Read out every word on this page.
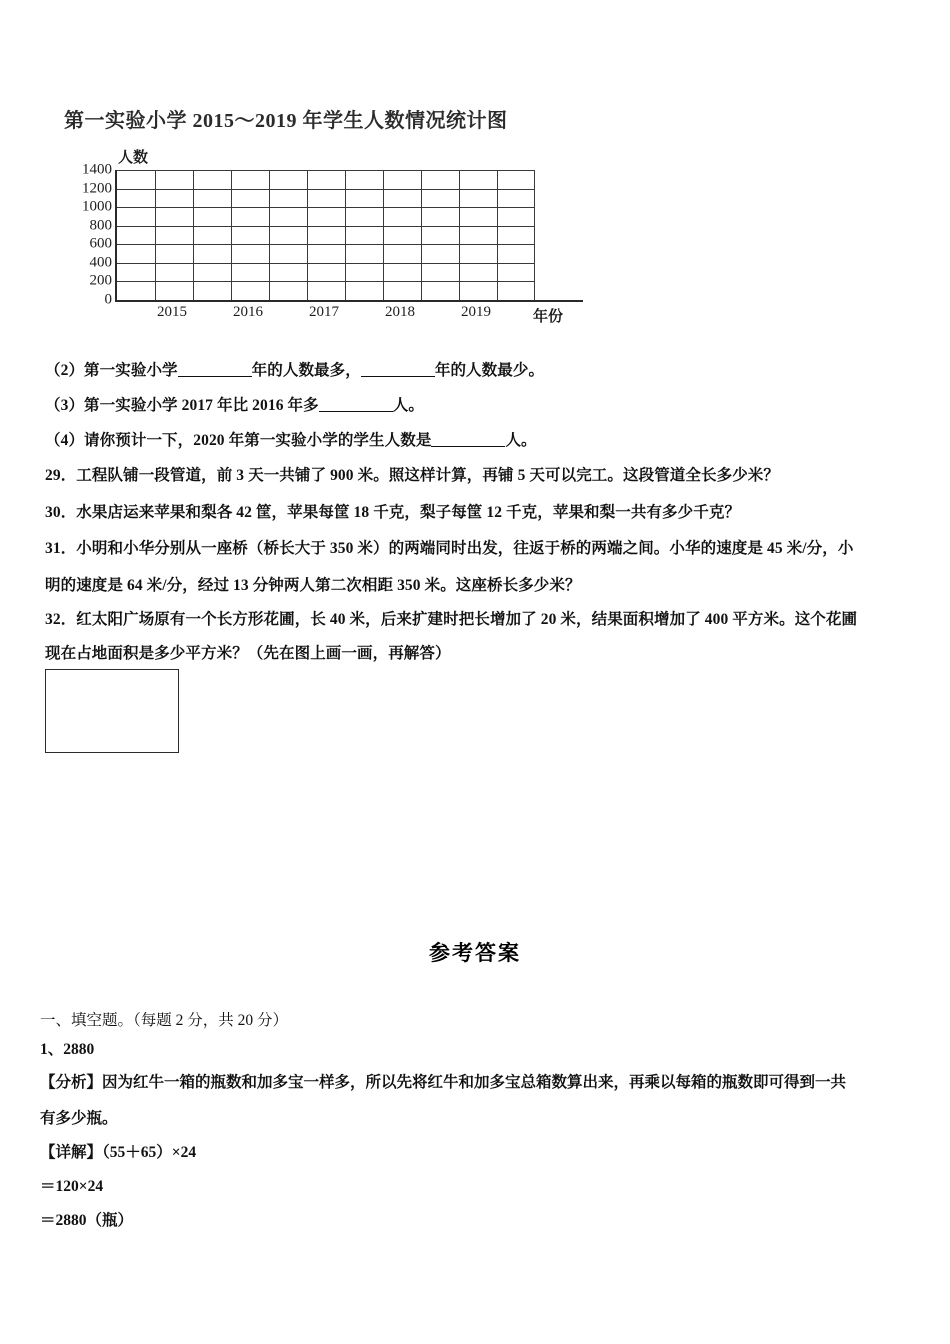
第一实验小学 2015～2019 年学生人数情况统计图
人数
1400
1200
1000
800
600
400
200
0
2015	2016	2017	2018	2019	年份
（2）第一实验小学	年的人数最多，	年的人数最少。
（3）第一实验小学 2017 年比 2016 年多	人。
（4）请你预计一下，2020 年第一实验小学的学生人数是	人。
29．工程队铺一段管道，前 3 天一共铺了 900 米。照这样计算，再铺 5 天可以完工。这段管道全长多少米？
30．水果店运来苹果和梨各 42 筐，苹果每筐 18 千克，梨子每筐 12 千克，苹果和梨一共有多少千克？
31．小明和小华分别从一座桥（桥长大于 350 米）的两端同时出发，往返于桥的两端之间。小华的速度是 45 米/分，小
明的速度是 64 米/分，经过 13 分钟两人第二次相距 350 米。这座桥长多少米？
32．红太阳广场原有一个长方形花圃，长 40 米，后来扩建时把长增加了 20 米，结果面积增加了 400 平方米。这个花圃
现在占地面积是多少平方米？（先在图上画一画，再解答）
参考答案
一、填空题。（每题 2 分，共 20 分）
1、2880
【分析】因为红牛一箱的瓶数和加多宝一样多，所以先将红牛和加多宝总箱数算出来，再乘以每箱的瓶数即可得到一共
有多少瓶。
【详解】（55＋65）×24
＝120×24
＝2880（瓶）
